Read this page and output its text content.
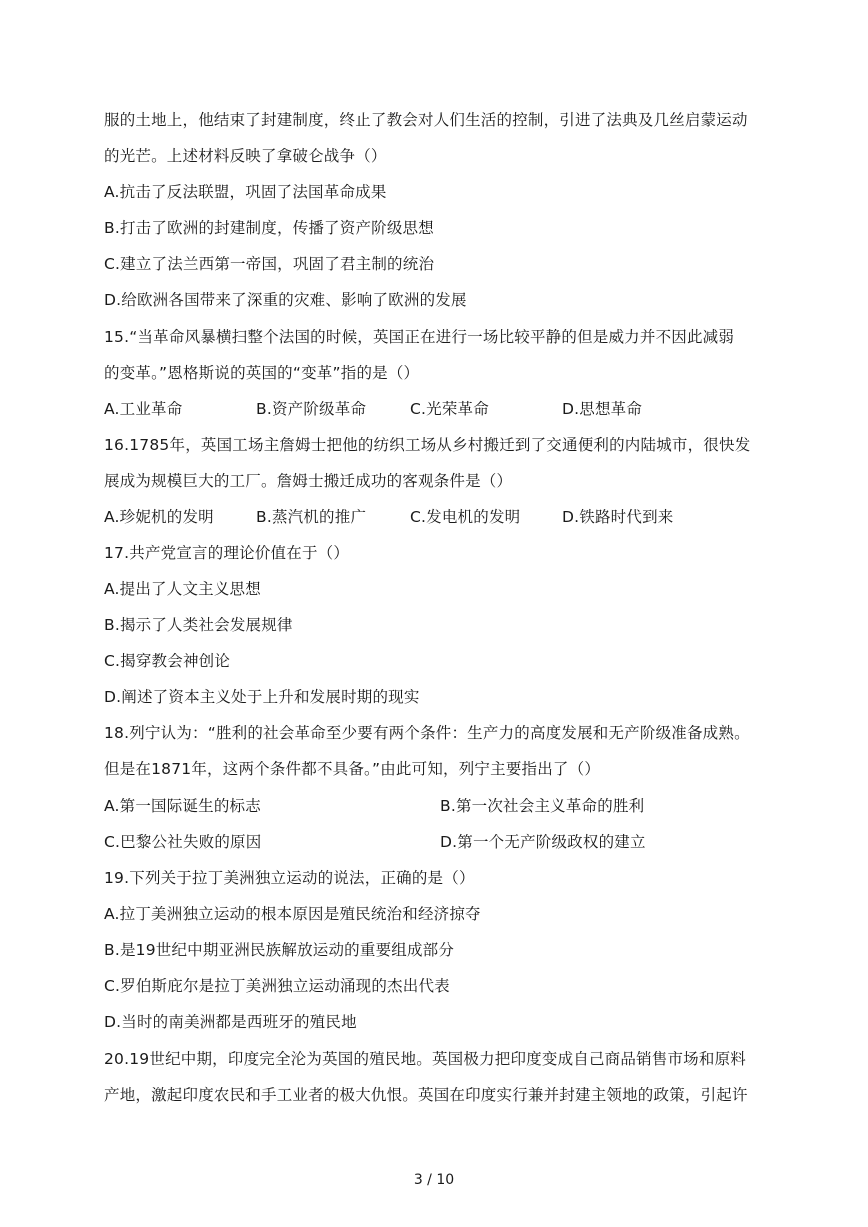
服的土地上，他结束了封建制度，终止了教会对人们生活的控制，引进了法典及几丝启蒙运动
的光芒。上述材料反映了拿破仑战争（）
A.抗击了反法联盟，巩固了法国革命成果
B.打击了欧洲的封建制度，传播了资产阶级思想
C.建立了法兰西第一帝国，巩固了君主制的统治
D.给欧洲各国带来了深重的灾难、影响了欧洲的发展
15.“当革命风暴横扫整个法国的时候，英国正在进行一场比较平静的但是威力并不因此减弱
的变革。”恩格斯说的英国的“变革”指的是（）
A.工业革命	B.资产阶级革命	C.光荣革命	D.思想革命
16.1785年，英国工场主詹姆士把他的纺织工场从乡村搬迁到了交通便利的内陆城市，很快发
展成为规模巨大的工厂。詹姆士搬迁成功的客观条件是（）
A.珍妮机的发明	B.蒸汽机的推广	C.发电机的发明	D.铁路时代到来
17.共产党宣言的理论价值在于（）
A.提出了人文主义思想
B.揭示了人类社会发展规律
C.揭穿教会神创论
D.阐述了资本主义处于上升和发展时期的现实
18.列宁认为：“胜利的社会革命至少要有两个条件：生产力的高度发展和无产阶级准备成熟。
但是在1871年，这两个条件都不具备。”由此可知，列宁主要指出了（）
A.第一国际诞生的标志	B.第一次社会主义革命的胜利
C.巴黎公社失败的原因	D.第一个无产阶级政权的建立
19.下列关于拉丁美洲独立运动的说法，正确的是（）
A.拉丁美洲独立运动的根本原因是殖民统治和经济掠夺
B.是19世纪中期亚洲民族解放运动的重要组成部分
C.罗伯斯庇尔是拉丁美洲独立运动涌现的杰出代表
D.当时的南美洲都是西班牙的殖民地
20.19世纪中期，印度完全沦为英国的殖民地。英国极力把印度变成自己商品销售市场和原料
产地，激起印度农民和手工业者的极大仇恨。英国在印度实行兼并封建主领地的政策，引起许
3 / 10
